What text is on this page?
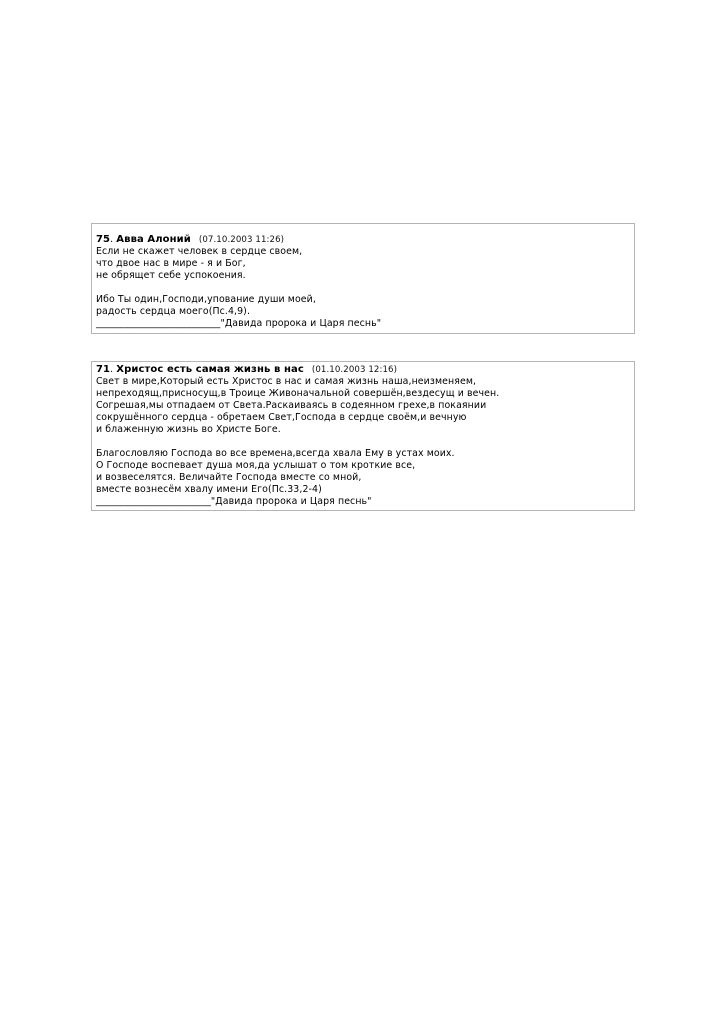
75. Авва Алоний (07.10.2003 11:26)
Если не скажет человек в сердце своем,
что двое нас в мире - я и Бог,
не обрящет себе успокоения.
Ибо Ты один,Господи,упование души моей,
радость сердца моего(Пс.4,9).
__________________________"Давида пророка и Царя песнь"
71. Христос есть самая жизнь в нас (01.10.2003 12:16)
Свет в мире,Который есть Христос в нас и самая жизнь наша,неизменяем,
непреходящ,присносущ,в Троице Живоначальной совершён,вездесущ и вечен.
Согрешая,мы отпадаем от Света.Раскаиваясь в содеянном грехе,в покаянии
сокрушённого сердца - обретаем Свет,Господа в сердце своём,и вечную
и блаженную жизнь во Христе Боге.
Благословляю Господа во все времена,всегда хвала Ему в устах моих.
О Господе воспевает душа моя,да услышат о том кроткие все,
и возвеселятся. Величайте Господа вместе со мной,
вместе вознесём хвалу имени Его(Пс.33,2-4)
________________________"Давида пророка и Царя песнь"
